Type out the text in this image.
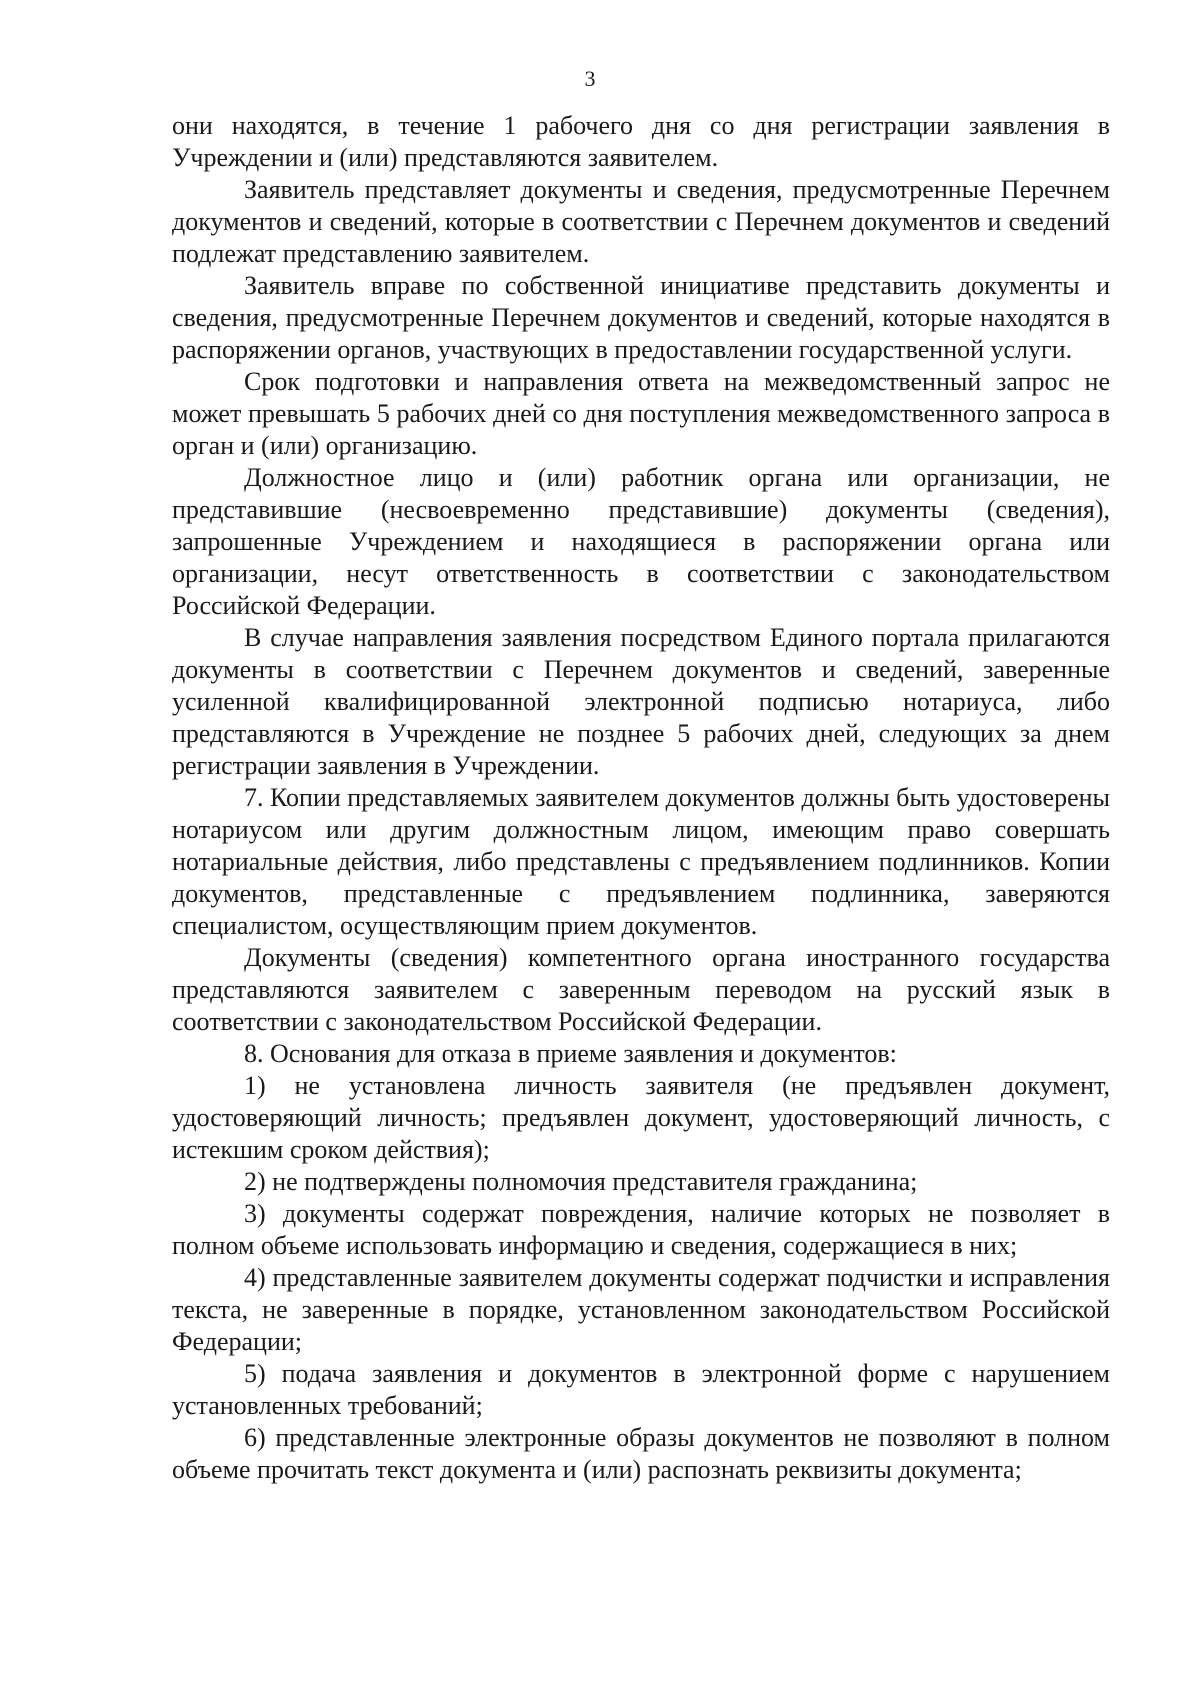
3

они находятся, в течение 1 рабочего дня со дня регистрации заявления в Учреждении и (или) представляются заявителем.

Заявитель представляет документы и сведения, предусмотренные Перечнем документов и сведений, которые в соответствии с Перечнем документов и сведений подлежат представлению заявителем.

Заявитель вправе по собственной инициативе представить документы и сведения, предусмотренные Перечнем документов и сведений, которые находятся в распоряжении органов, участвующих в предоставлении государственной услуги.

Срок подготовки и направления ответа на межведомственный запрос не может превышать 5 рабочих дней со дня поступления межведомственного запроса в орган и (или) организацию.

Должностное лицо и (или) работник органа или организации, не представившие (несвоевременно представившие) документы (сведения), запрошенные Учреждением и находящиеся в распоряжении органа или организации, несут ответственность в соответствии с законодательством Российской Федерации.

В случае направления заявления посредством Единого портала прилагаются документы в соответствии с Перечнем документов и сведений, заверенные усиленной квалифицированной электронной подписью нотариуса, либо представляются в Учреждение не позднее 5 рабочих дней, следующих за днем регистрации заявления в Учреждении.

7. Копии представляемых заявителем документов должны быть удостоверены нотариусом или другим должностным лицом, имеющим право совершать нотариальные действия, либо представлены с предъявлением подлинников. Копии документов, представленные с предъявлением подлинника, заверяются специалистом, осуществляющим прием документов.

Документы (сведения) компетентного органа иностранного государства представляются заявителем с заверенным переводом на русский язык в соответствии с законодательством Российской Федерации.

8. Основания для отказа в приеме заявления и документов:

1) не установлена личность заявителя (не предъявлен документ, удостоверяющий личность; предъявлен документ, удостоверяющий личность, с истекшим сроком действия);

2) не подтверждены полномочия представителя гражданина;

3) документы содержат повреждения, наличие которых не позволяет в полном объеме использовать информацию и сведения, содержащиеся в них;

4) представленные заявителем документы содержат подчистки и исправления текста, не заверенные в порядке, установленном законодательством Российской Федерации;

5) подача заявления и документов в электронной форме с нарушением установленных требований;

6) представленные электронные образы документов не позволяют в полном объеме прочитать текст документа и (или) распознать реквизиты документа;
